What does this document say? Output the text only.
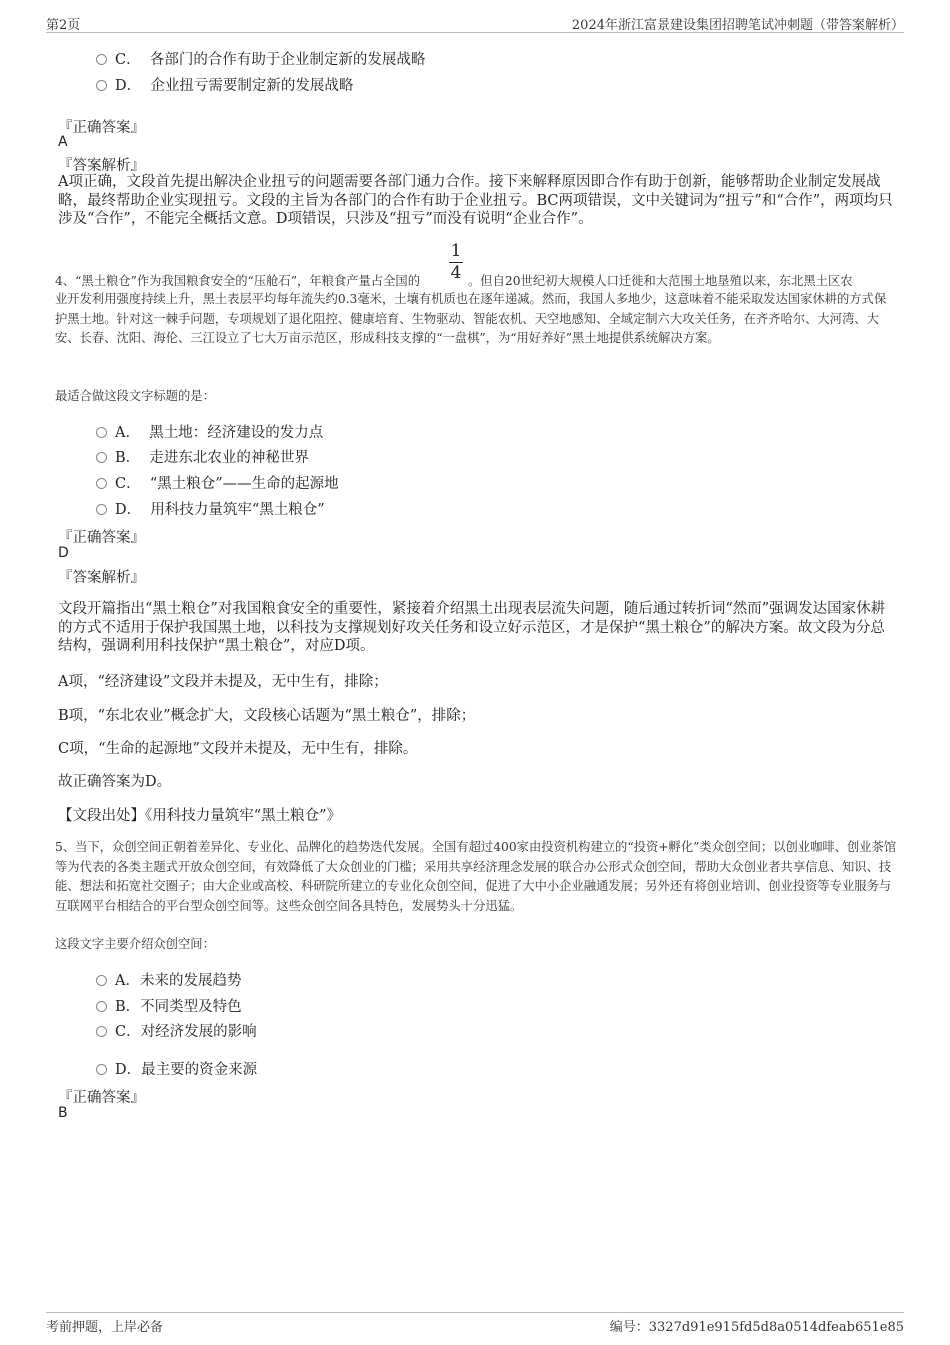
第2页	2024年浙江富景建设集团招聘笔试冲刺题（带答案解析）
C． 各部门的合作有助于企业制定新的发展战略
D． 企业扭亏需要制定新的发展战略
『正确答案』
A
『答案解析』
A项正确，文段首先提出解决企业扭亏的问题需要各部门通力合作。接下来解释原因即合作有助于创新，能够帮助企业制定发展战略，最终帮助企业实现扭亏。文段的主旨为各部门的合作有助于企业扭亏。BC两项错误，文中关键词为“扭亏”和“合作”，两项均只涉及“合作”，不能完全概括文意。D项错误，只涉及“扭亏”而没有说明“企业合作”。
4、“黑土粮仓”作为我国粮食安全的“压舱石”，年粮食产量占全国的
1
4 。但自20世纪初大规模人口迁徙和大范围土地垦殖以来，东北黑土区农
业开发利用强度持续上升，黑土表层平均每年流失约0.3毫米，土壤有机质也在逐年递减。然而，我国人多地少，这意味着不能采取发达国家休耕的方式保护黑土地。针对这一棘手问题，专项规划了退化阻控、健康培育、生物驱动、智能农机、天空地感知、全域定制六大攻关任务，在齐齐哈尔、大河湾、大安、长春、沈阳、海伦、三江设立了七大万亩示范区，形成科技支撑的“一盘棋”，为“用好养好”黑土地提供系统解决方案。
最适合做这段文字标题的是：
A． 黑土地：经济建设的发力点
B． 走进东北农业的神秘世界
C． “黑土粮仓”——生命的起源地
D． 用科技力量筑牢“黑土粮仓”
『正确答案』
D
『答案解析』
文段开篇指出“黑土粮仓”对我国粮食安全的重要性，紧接着介绍黑土出现表层流失问题，随后通过转折词“然而”强调发达国家休耕的方式不适用于保护我国黑土地，以科技为支撑规划好攻关任务和设立好示范区，才是保护“黑土粮仓”的解决方案。故文段为分总结构，强调利用科技保护“黑土粮仓”，对应D项。
A项，“经济建设”文段并未提及，无中生有，排除；
B项，“东北农业”概念扩大，文段核心话题为“黑土粮仓”，排除；
C项，“生命的起源地”文段并未提及，无中生有，排除。
故正确答案为D。
【文段出处】《用科技力量筑牢“黑土粮仓”》
5、当下，众创空间正朝着差异化、专业化、品牌化的趋势迭代发展。全国有超过400家由投资机构建立的“投资+孵化”类众创空间；以创业咖啡、创业茶馆等为代表的各类主题式开放众创空间，有效降低了大众创业的门槛；采用共享经济理念发展的联合办公形式众创空间，帮助大众创业者共享信息、知识、技能、想法和拓宽社交圈子；由大企业或高校、科研院所建立的专业化众创空间，促进了大中小企业融通发展；另外还有将创业培训、创业投资等专业服务与互联网平台相结合的平台型众创空间等。这些众创空间各具特色，发展势头十分迅猛。
这段文字主要介绍众创空间：
A．未来的发展趋势
B．不同类型及特色
C．对经济发展的影响
D．最主要的资金来源
『正确答案』
B
考前押题，上岸必备	编号：3327d91e915fd5d8a0514dfeab651e85
